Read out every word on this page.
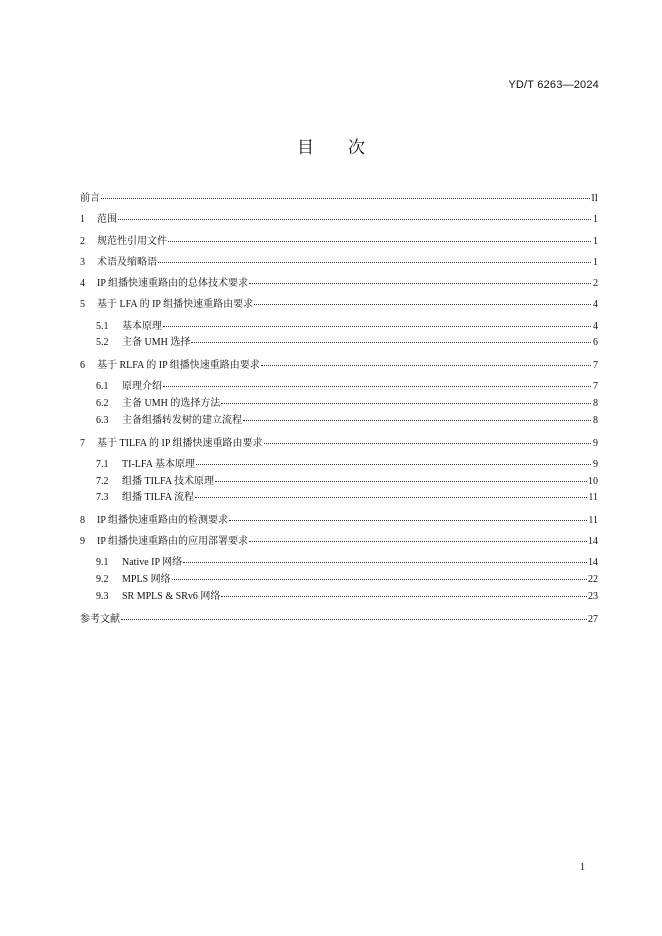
YD/T 6263—2024
目次
前言	II
1	范围	1
2	规范性引用文件	1
3	术语及缩略语	1
4	IP 组播快速重路由的总体技术要求	2
5	基于 LFA 的 IP 组播快速重路由要求	4
5.1	基本原理	4
5.2	主备 UMH 选择	6
6	基于 RLFA 的 IP 组播快速重路由要求	7
6.1	原理介绍	7
6.2	主备 UMH 的选择方法	8
6.3	主备组播转发树的建立流程	8
7	基于 TILFA 的 IP 组播快速重路由要求	9
7.1	TI-LFA 基本原理	9
7.2	组播 TILFA 技术原理	10
7.3	组播 TILFA 流程	11
8	IP 组播快速重路由的检测要求	11
9	IP 组播快速重路由的应用部署要求	14
9.1	Native IP 网络	14
9.2	MPLS 网络	22
9.3	SR MPLS & SRv6 网络	23
参考文献	27
1
